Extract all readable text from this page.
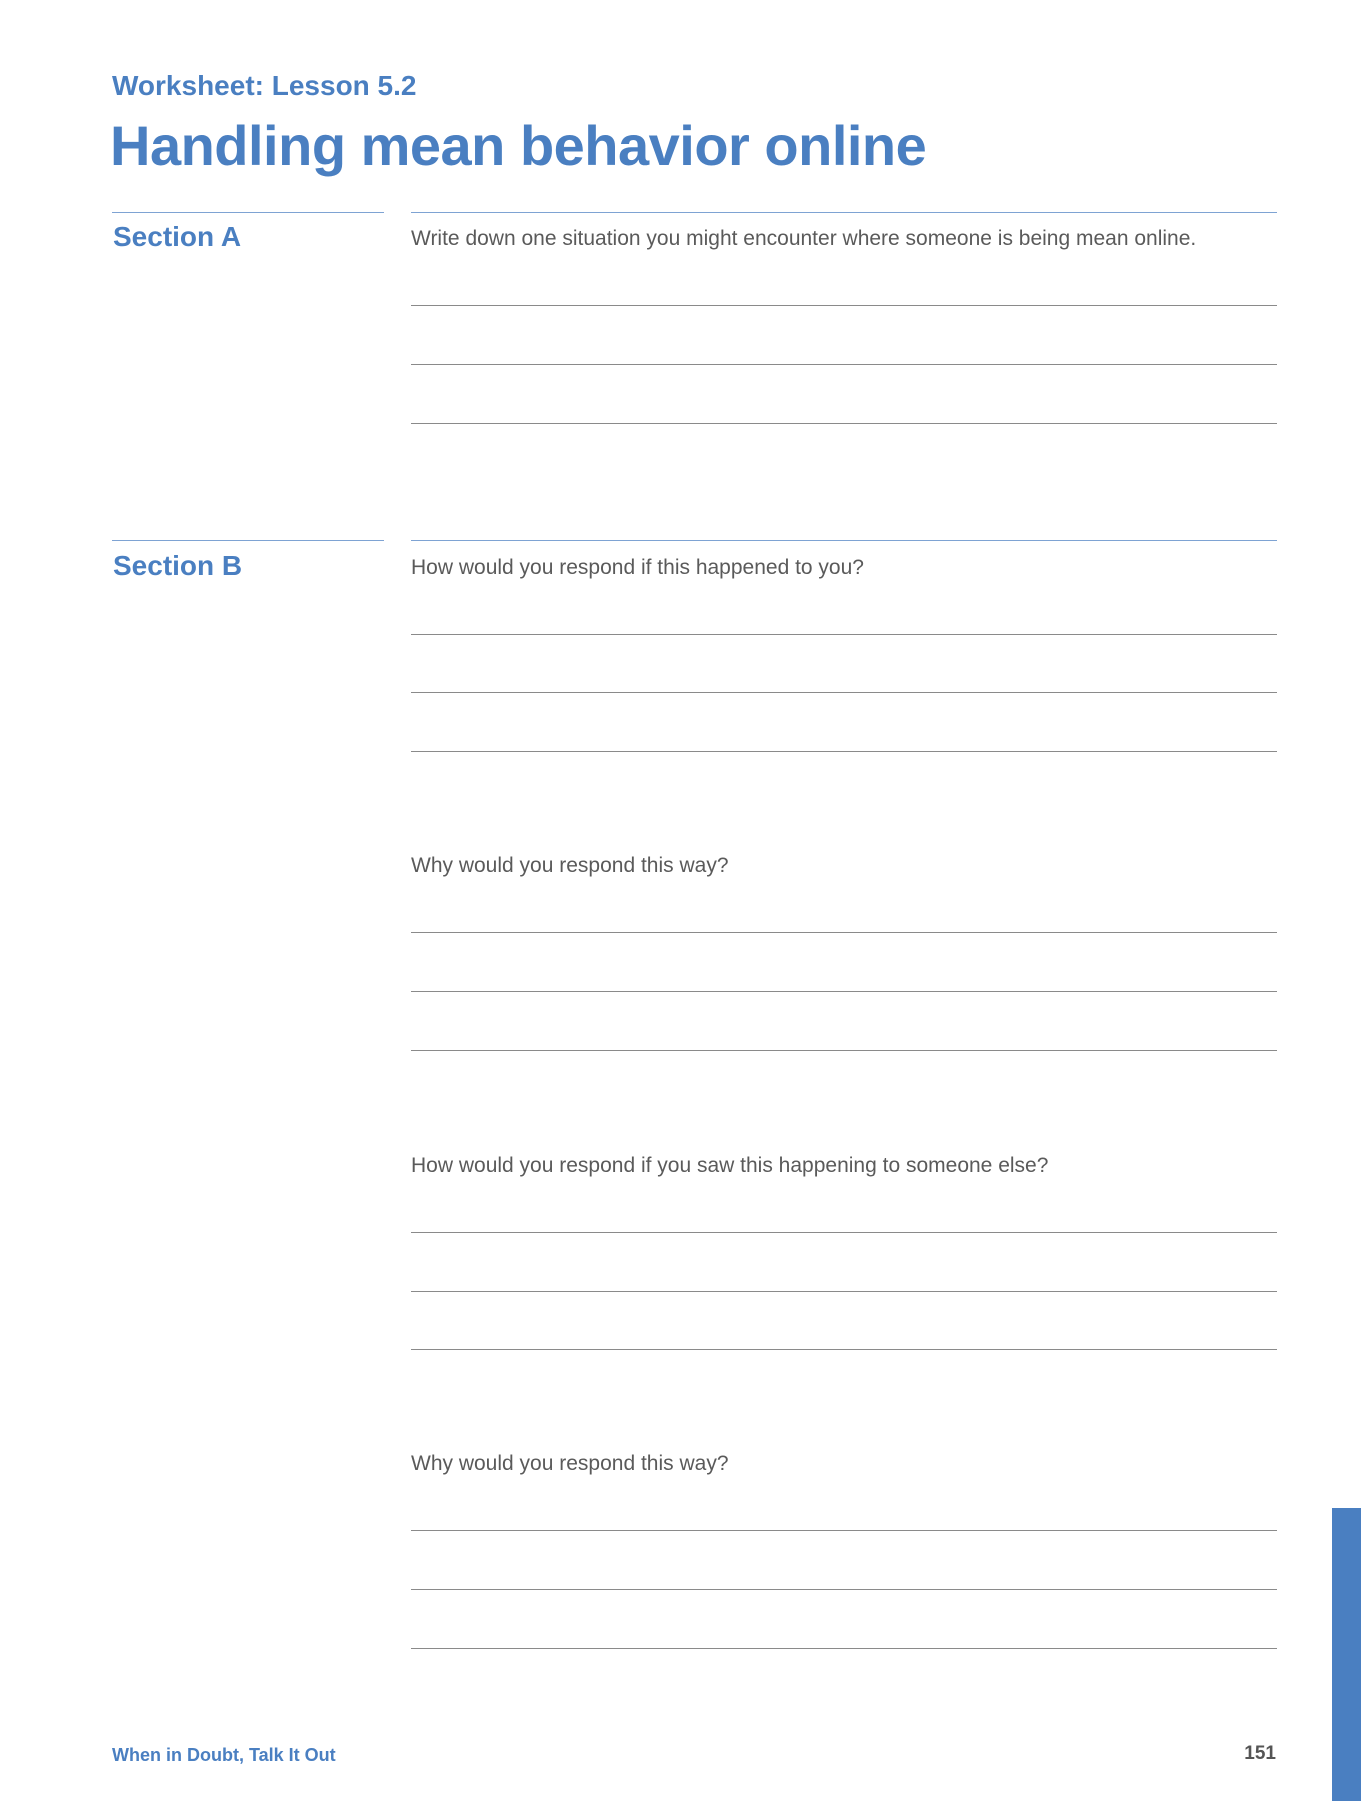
Worksheet: Lesson 5.2

Handling mean behavior online

Section A	Write down one situation you might encounter where someone is being mean online.

Section B	How would you respond if this happened to you?

Why would you respond this way?

How would you respond if you saw this happening to someone else?

Why would you respond this way?

When in Doubt, Talk It Out	151
